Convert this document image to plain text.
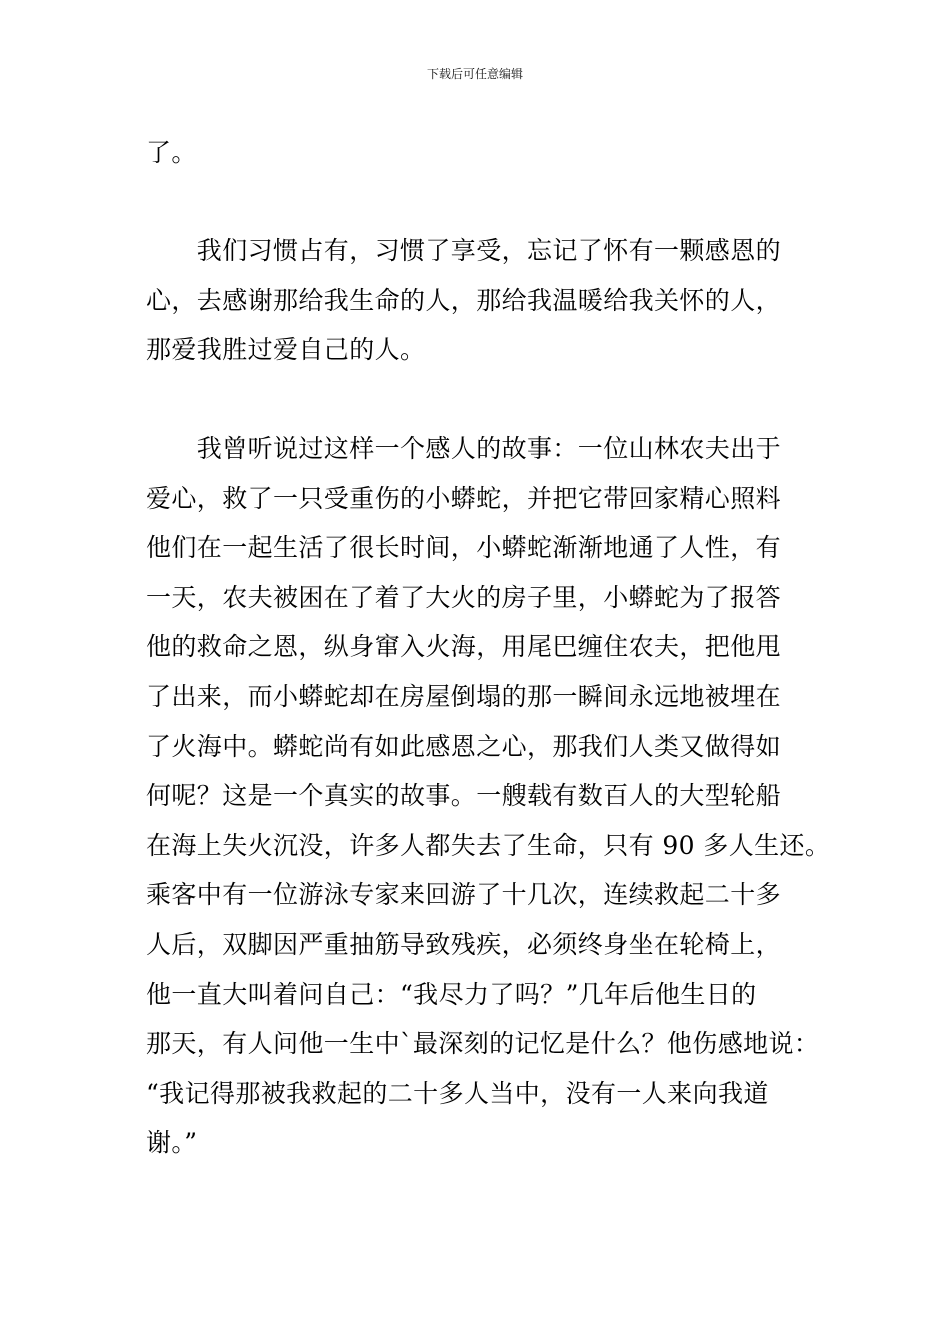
下载后可任意编辑
了。
　　我们习惯占有，习惯了享受，忘记了怀有一颗感恩的
心，去感谢那给我生命的人，那给我温暖给我关怀的人，
那爱我胜过爱自己的人。
　　我曾听说过这样一个感人的故事：一位山林农夫出于
爱心，救了一只受重伤的小蟒蛇，并把它带回家精心照料
他们在一起生活了很长时间，小蟒蛇渐渐地通了人性，有
一天，农夫被困在了着了大火的房子里，小蟒蛇为了报答
他的救命之恩，纵身窜入火海，用尾巴缠住农夫，把他甩
了出来，而小蟒蛇却在房屋倒塌的那一瞬间永远地被埋在
了火海中。蟒蛇尚有如此感恩之心，那我们人类又做得如
何呢？这是一个真实的故事。一艘载有数百人的大型轮船
在海上失火沉没，许多人都失去了生命，只有 90 多人生还。
乘客中有一位游泳专家来回游了十几次，连续救起二十多
人后，双脚因严重抽筋导致残疾，必须终身坐在轮椅上，
他一直大叫着问自己：“我尽力了吗？”几年后他生日的
那天，有人问他一生中`最深刻的记忆是什么？他伤感地说：
“我记得那被我救起的二十多人当中，没有一人来向我道
谢。”
